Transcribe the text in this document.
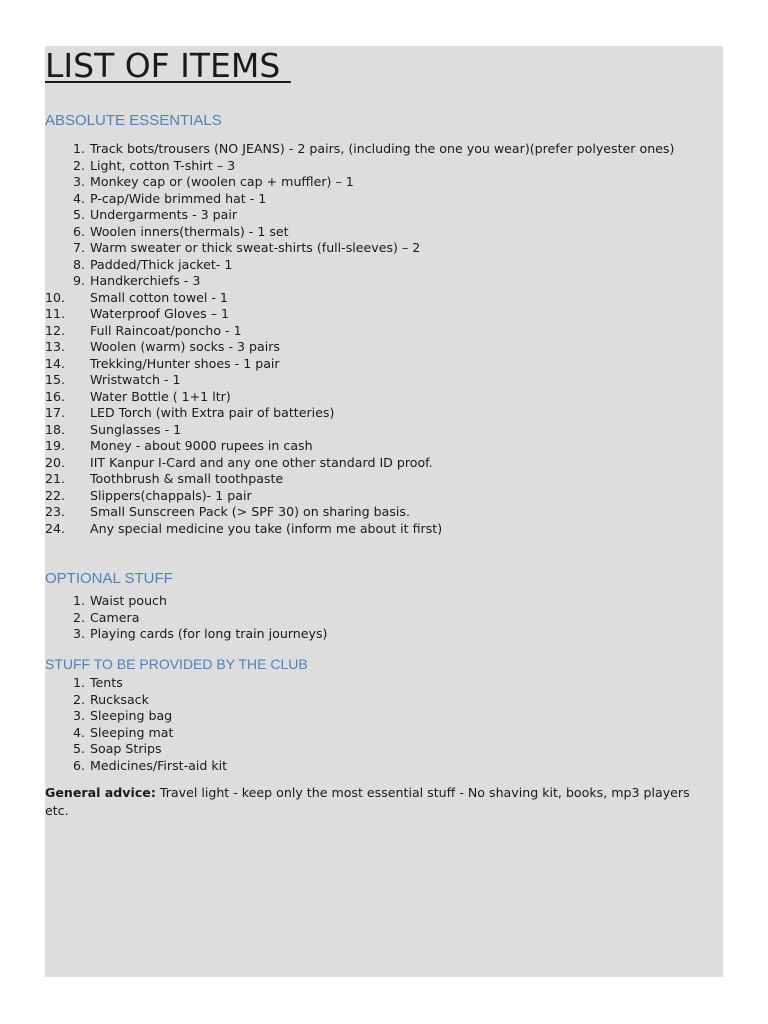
LIST OF ITEMS
ABSOLUTE ESSENTIALS
1. Track bots/trousers (NO JEANS) - 2 pairs, (including the one you wear)(prefer polyester ones)
2. Light, cotton T-shirt – 3
3. Monkey cap or (woolen cap + muffler) – 1
4. P-cap/Wide brimmed hat - 1
5. Undergarments - 3 pair
6. Woolen inners(thermals) - 1 set
7. Warm sweater or thick sweat-shirts (full-sleeves) – 2
8. Padded/Thick jacket- 1
9. Handkerchiefs - 3
10.	Small cotton towel - 1
11.	Waterproof Gloves – 1
12.	Full Raincoat/poncho - 1
13.	Woolen (warm) socks - 3 pairs
14.	Trekking/Hunter shoes - 1 pair
15.	Wristwatch - 1
16.	Water Bottle ( 1+1 ltr)
17.	LED Torch (with Extra pair of batteries)
18.	Sunglasses - 1
19.	Money - about 9000 rupees in cash
20.	IIT Kanpur I-Card and any one other standard ID proof.
21.	Toothbrush & small toothpaste
22.	Slippers(chappals)- 1 pair
23.	Small Sunscreen Pack (> SPF 30) on sharing basis.
24.	Any special medicine you take (inform me about it first)
OPTIONAL STUFF
1. Waist pouch
2. Camera
3. Playing cards (for long train journeys)
STUFF TO BE PROVIDED BY THE CLUB
1. Tents
2. Rucksack
3. Sleeping bag
4. Sleeping mat
5. Soap Strips
6. Medicines/First-aid kit

General advice: Travel light - keep only the most essential stuff - No shaving kit, books, mp3 players etc.
